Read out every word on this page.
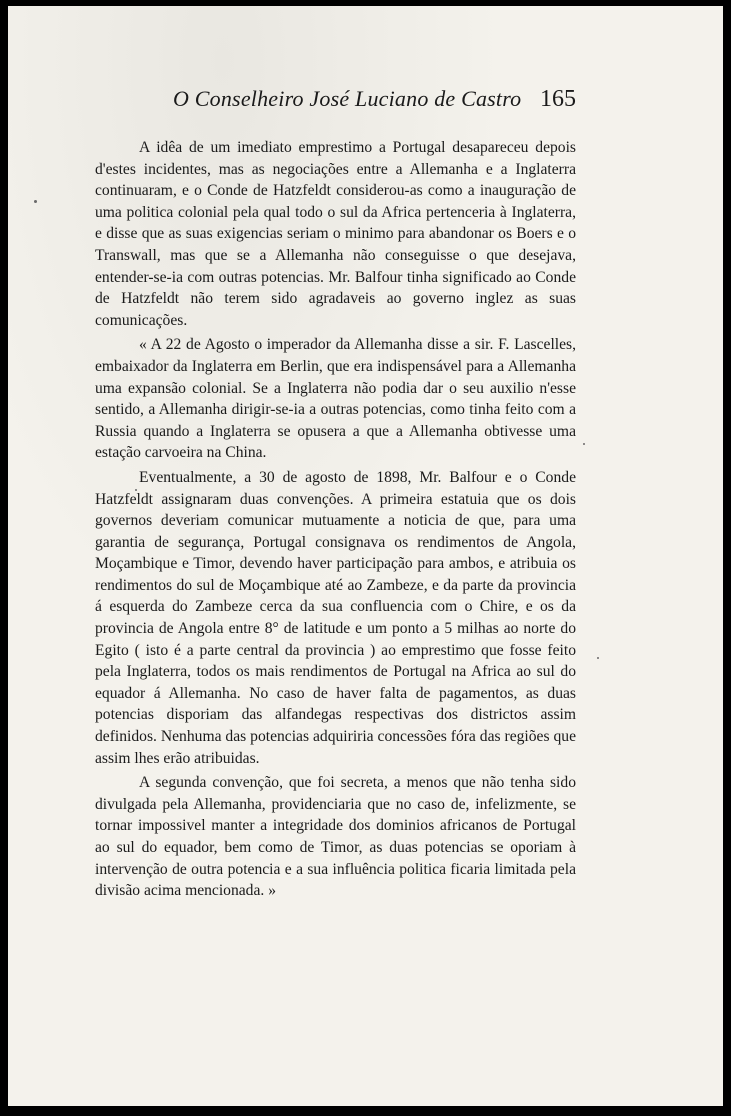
O Conselheiro José Luciano de Castro 165

A idêa de um imediato emprestimo a Portugal desapareceu depois d'estes incidentes, mas as negociações entre a Allemanha e a Inglaterra continuaram, e o Conde de Hatzfeldt considerou-as como a inauguração de uma politica colonial pela qual todo o sul da Africa pertenceria à Inglaterra, e disse que as suas exigencias seriam o minimo para abandonar os Boers e o Transwall, mas que se a Allemanha não conseguisse o que desejava, entender-se-ia com outras potencias. Mr. Balfour tinha significado ao Conde de Hatzfeldt não terem sido agradaveis ao governo inglez as suas comunicações.

« A 22 de Agosto o imperador da Allemanha disse a sir. F. Lascelles, embaixador da Inglaterra em Berlin, que era indispensável para a Allemanha uma expansão colonial. Se a Inglaterra não podia dar o seu auxilio n'esse sentido, a Allemanha dirigir-se-ia a outras potencias, como tinha feito com a Russia quando a Inglaterra se opusera a que a Allemanha obtivesse uma estação carvoeira na China.

Eventualmente, a 30 de agosto de 1898, Mr. Balfour e o Conde Hatzfeldt assignaram duas convenções. A primeira estatuia que os dois governos deveriam comunicar mutuamente a noticia de que, para uma garantia de segurança, Portugal consignava os rendimentos de Angola, Moçambique e Timor, devendo haver participação para ambos, e atribuia os rendimentos do sul de Moçambique até ao Zambeze, e da parte da provincia á esquerda do Zambeze cerca da sua confluencia com o Chire, e os da provincia de Angola entre 8° de latitude e um ponto a 5 milhas ao norte do Egito ( isto é a parte central da provincia ) ao emprestimo que fosse feito pela Inglaterra, todos os mais rendimentos de Portugal na Africa ao sul do equador á Allemanha. No caso de haver falta de pagamentos, as duas potencias disporiam das alfandegas respectivas dos districtos assim definidos. Nenhuma das potencias adquiriria concessões fóra das regiões que assim lhes erão atribuidas.

A segunda convenção, que foi secreta, a menos que não tenha sido divulgada pela Allemanha, providenciaria que no caso de, infelizmente, se tornar impossivel manter a integridade dos dominios africanos de Portugal ao sul do equador, bem como de Timor, as duas potencias se oporiam à intervenção de outra potencia e a sua influência politica ficaria limitada pela divisão acima mencionada. »
